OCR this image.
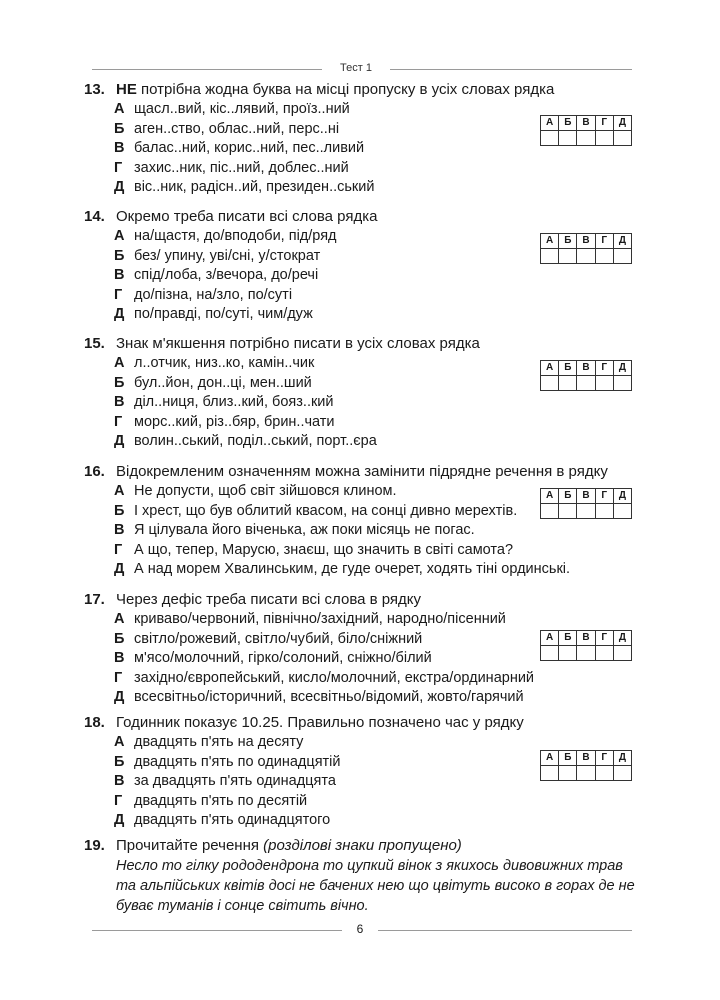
Тест 1
13. НЕ потрібна жодна буква на місці пропуску в усіх словах рядка
А щасл..вий, кіс..лявий, проїз..ний
Б аген..ство, облас..ний, перс..ні
В балас..ний, корис..ний, пес..ливий
Г захис..ник, піс..ний, доблес..ний
Д віс..ник, радісн..ий, президен..ський
А	Б	В	Г	Д

14. Окремо треба писати всі слова рядка
А на/щастя, до/вподоби, під/ряд
Б без/ упину, уві/сні, у/стократ
В спід/лоба, з/вечора, до/речі
Г до/пізна, на/зло, по/суті
Д по/правді, по/суті, чим/дуж
А	Б	В	Г	Д

15. Знак м'якшення потрібно писати в усіх словах рядка
А л..отчик, низ..ко, камін..чик
Б бул..йон, дон..ці, мен..ший
В діл..ниця, близ..кий, бояз..кий
Г морс..кий, різ..бяр, брин..чати
Д волин..ський, поділ..ський, порт..єра
А	Б	В	Г	Д

16. Відокремленим означенням можна замінити підрядне речення в рядку
А Не допусти, щоб світ зійшовся клином.
Б І хрест, що був облитий квасом, на сонці дивно мерехтів.
В Я цілувала його віченька, аж поки місяць не погас.
Г А що, тепер, Марусю, знаєш, що значить в світі самота?
Д А над морем Хвалинським, де гуде очерет, ходять тіні ординські.
А	Б	В	Г	Д

17. Через дефіс треба писати всі слова в рядку
А криваво/червоний, північно/західний, народно/пісенний
Б світло/рожевий, світло/чубий, біло/сніжний
В м'ясо/молочний, гірко/солоний, сніжно/білий
Г західно/європейський, кисло/молочний, екстра/ординарний
Д всесвітньо/історичний, всесвітньо/відомий, жовто/гарячий
А	Б	В	Г	Д

18. Годинник показує 10.25. Правильно позначено час у рядку
А двадцять п'ять на десяту
Б двадцять п'ять по одинадцятій
В за двадцять п'ять одинадцята
Г двадцять п'ять по десятій
Д двадцять п'ять одинадцятого
А	Б	В	Г	Д

19. Прочитайте речення (розділові знаки пропущено)
Несло то гілку рододендрона то цупкий вінок з якихось дивовижних трав
та альпійських квітів досі не бачених нею що цвітуть високо в горах де не
буває туманів і сонце світить вічно.
6
